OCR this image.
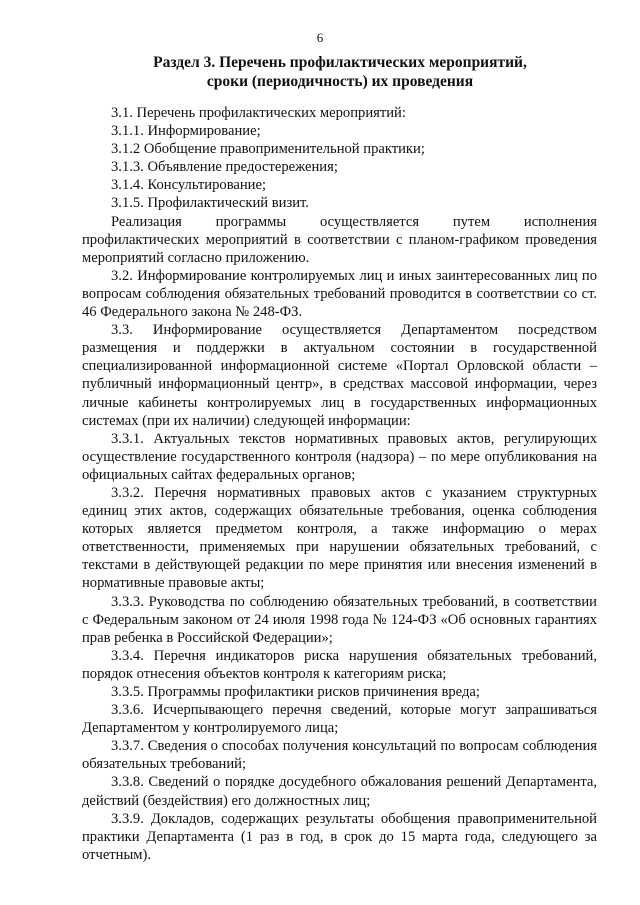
6
Раздел 3. Перечень профилактических мероприятий,
сроки (периодичность) их проведения

3.1. Перечень профилактических мероприятий:

3.1.1. Информирование;

3.1.2 Обобщение правоприменительной практики;

3.1.3. Объявление предостережения;

3.1.4. Консультирование;

3.1.5. Профилактический визит.

Реализация программы осуществляется путем исполнения профилактических мероприятий в соответствии с планом-графиком проведения мероприятий согласно приложению.

3.2. Информирование контролируемых лиц и иных заинтересованных лиц по вопросам соблюдения обязательных требований проводится в соответствии со ст. 46 Федерального закона № 248-ФЗ.

3.3. Информирование осуществляется Департаментом посредством размещения и поддержки в актуальном состоянии в государственной специализированной информационной системе «Портал Орловской области – публичный информационный центр», в средствах массовой информации, через личные кабинеты контролируемых лиц в государственных информационных системах (при их наличии) следующей информации:

3.3.1. Актуальных текстов нормативных правовых актов, регулирующих осуществление государственного контроля (надзора) – по мере опубликования на официальных сайтах федеральных органов;

3.3.2. Перечня нормативных правовых актов с указанием структурных единиц этих актов, содержащих обязательные требования, оценка соблюдения которых является предметом контроля, а также информацию о мерах ответственности, применяемых при нарушении обязательных требований, с текстами в действующей редакции по мере принятия или внесения изменений в нормативные правовые акты;

3.3.3. Руководства по соблюдению обязательных требований, в соответствии с Федеральным законом от 24 июля 1998 года № 124-ФЗ «Об основных гарантиях прав ребенка в Российской Федерации»;

3.3.4. Перечня индикаторов риска нарушения обязательных требований, порядок отнесения объектов контроля к категориям риска;

3.3.5. Программы профилактики рисков причинения вреда;

3.3.6. Исчерпывающего перечня сведений, которые могут запрашиваться Департаментом у контролируемого лица;

3.3.7. Сведения о способах получения консультаций по вопросам соблюдения обязательных требований;

3.3.8. Сведений о порядке досудебного обжалования решений Департамента, действий (бездействия) его должностных лиц;

3.3.9. Докладов, содержащих результаты обобщения правоприменительной практики Департамента (1 раз в год, в срок до 15 марта года, следующего за отчетным).
